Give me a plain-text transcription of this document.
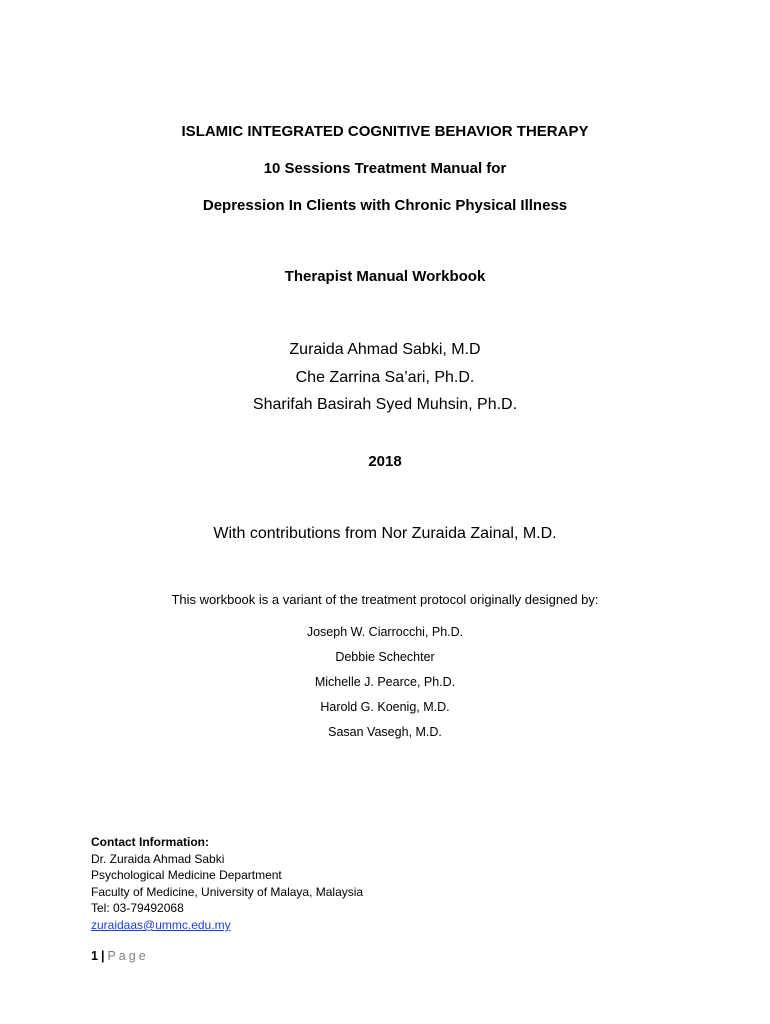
ISLAMIC INTEGRATED COGNITIVE BEHAVIOR THERAPY
10 Sessions Treatment Manual for
Depression In Clients with Chronic Physical Illness
Therapist Manual Workbook
Zuraida Ahmad Sabki, M.D
Che Zarrina Sa’ari, Ph.D.
Sharifah Basirah Syed Muhsin, Ph.D.
2018
With contributions from Nor Zuraida Zainal, M.D.
This workbook is a variant of the treatment protocol originally designed by:
Joseph W. Ciarrocchi, Ph.D.
Debbie Schechter
Michelle J. Pearce, Ph.D.
Harold G. Koenig, M.D.
Sasan Vasegh, M.D.
Contact Information:
Dr. Zuraida Ahmad Sabki
Psychological Medicine Department
Faculty of Medicine, University of Malaya, Malaysia
Tel: 03-79492068
zuraidaas@ummc.edu.my
1 | Page
